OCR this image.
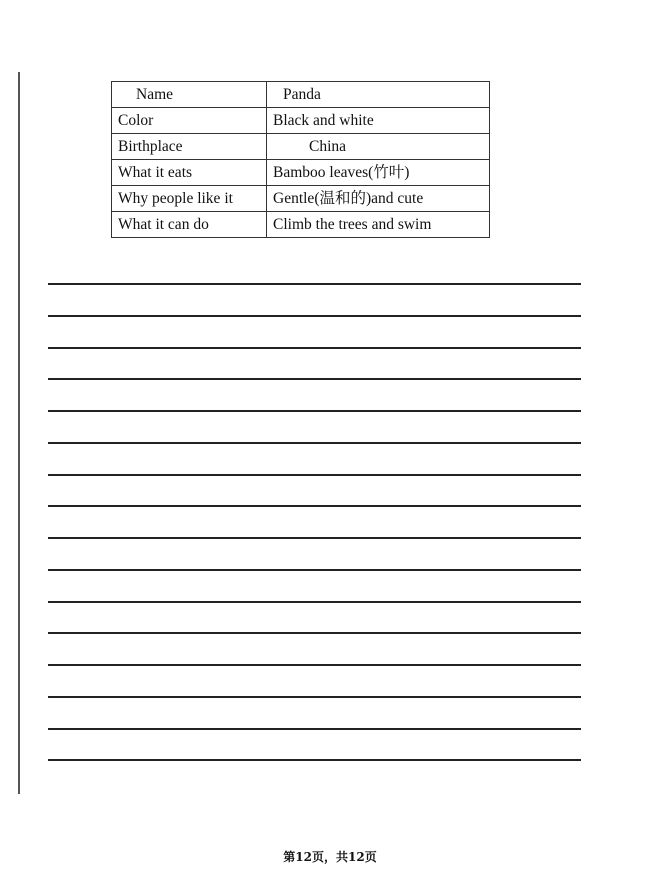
Name	Panda
Color	Black and white
Birthplace	China
What it eats	Bamboo leaves(竹叶)
Why people like it	Gentle(温和的)and cute
What it can do	Climb the trees and swim
第12页，共12页
